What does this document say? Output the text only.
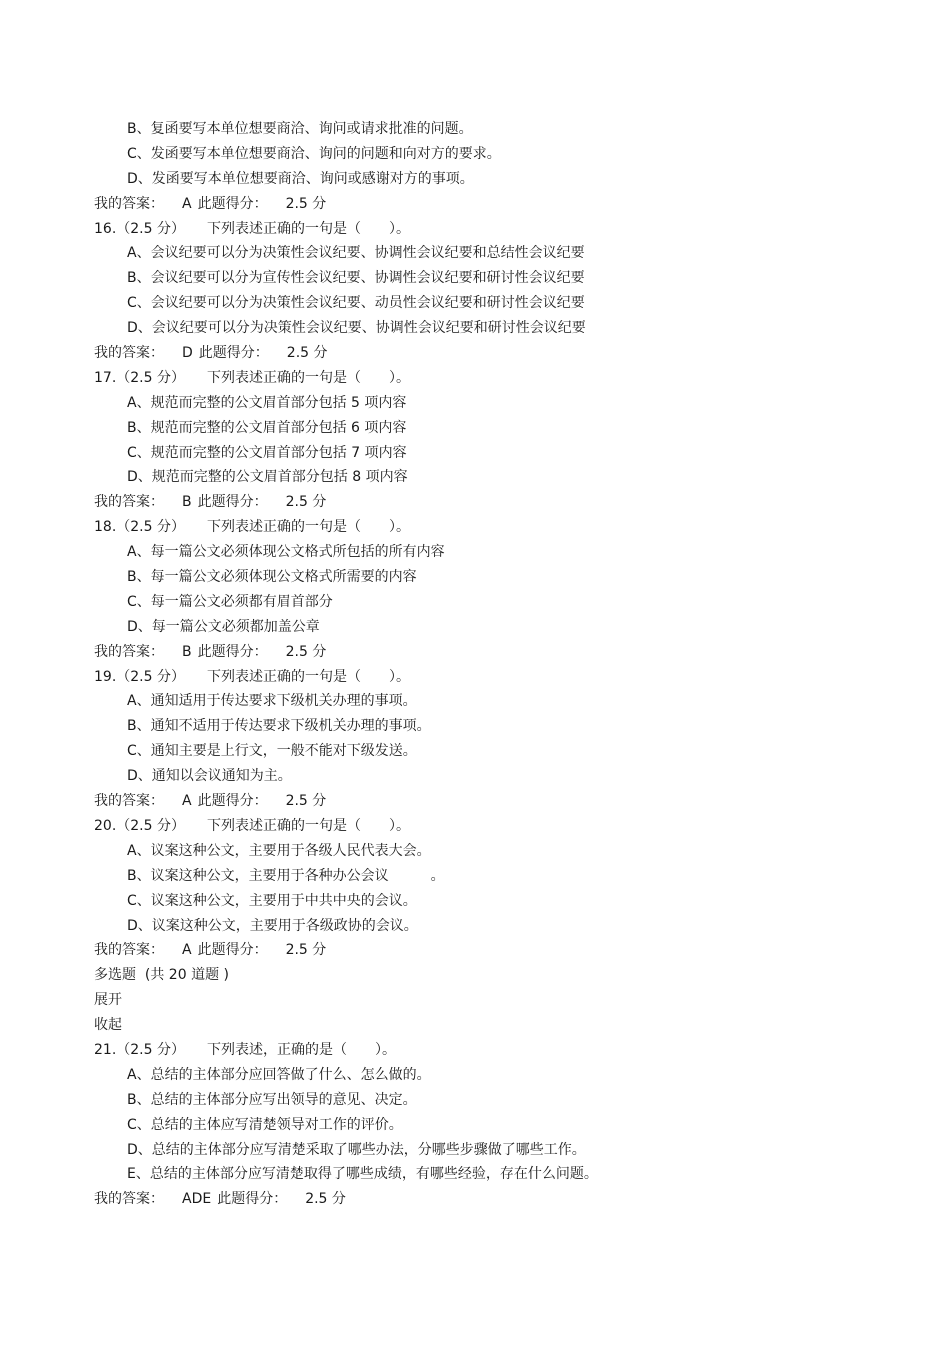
B、复函要写本单位想要商洽、询问或请求批准的问题。
C、发函要写本单位想要商洽、询问的问题和向对方的要求。
D、发函要写本单位想要商洽、询问或感谢对方的事项。
我的答案： A 此题得分： 2.5 分
16.（2.5 分） 下列表述正确的一句是（　　）。
A、会议纪要可以分为决策性会议纪要、协调性会议纪要和总结性会议纪要
B、会议纪要可以分为宣传性会议纪要、协调性会议纪要和研讨性会议纪要
C、会议纪要可以分为决策性会议纪要、动员性会议纪要和研讨性会议纪要
D、会议纪要可以分为决策性会议纪要、协调性会议纪要和研讨性会议纪要
我的答案： D 此题得分： 2.5 分
17.（2.5 分） 下列表述正确的一句是（　　）。
A、规范而完整的公文眉首部分包括 5 项内容
B、规范而完整的公文眉首部分包括 6 项内容
C、规范而完整的公文眉首部分包括 7 项内容
D、规范而完整的公文眉首部分包括 8 项内容
我的答案： B 此题得分： 2.5 分
18.（2.5 分） 下列表述正确的一句是（　　）。
A、每一篇公文必须体现公文格式所包括的所有内容
B、每一篇公文必须体现公文格式所需要的内容
C、每一篇公文必须都有眉首部分
D、每一篇公文必须都加盖公章
我的答案： B 此题得分： 2.5 分
19.（2.5 分） 下列表述正确的一句是（　　）。
A、通知适用于传达要求下级机关办理的事项。
B、通知不适用于传达要求下级机关办理的事项。
C、通知主要是上行文，一般不能对下级发送。
D、通知以会议通知为主。
我的答案： A 此题得分： 2.5 分
20.（2.5 分） 下列表述正确的一句是（　　）。
A、议案这种公文，主要用于各级人民代表大会。
B、议案这种公文，主要用于各种办公会议　　　。
C、议案这种公文，主要用于中共中央的会议。
D、议案这种公文，主要用于各级政协的会议。
我的答案： A 此题得分： 2.5 分
多选题  (共 20 道题 )
展开
收起
21.（2.5 分） 下列表述，正确的是（　　）。
A、总结的主体部分应回答做了什么、怎么做的。
B、总结的主体部分应写出领导的意见、决定。
C、总结的主体应写清楚领导对工作的评价。
D、总结的主体部分应写清楚采取了哪些办法，分哪些步骤做了哪些工作。
E、总结的主体部分应写清楚取得了哪些成绩，有哪些经验，存在什么问题。
我的答案： ADE 此题得分： 2.5 分
